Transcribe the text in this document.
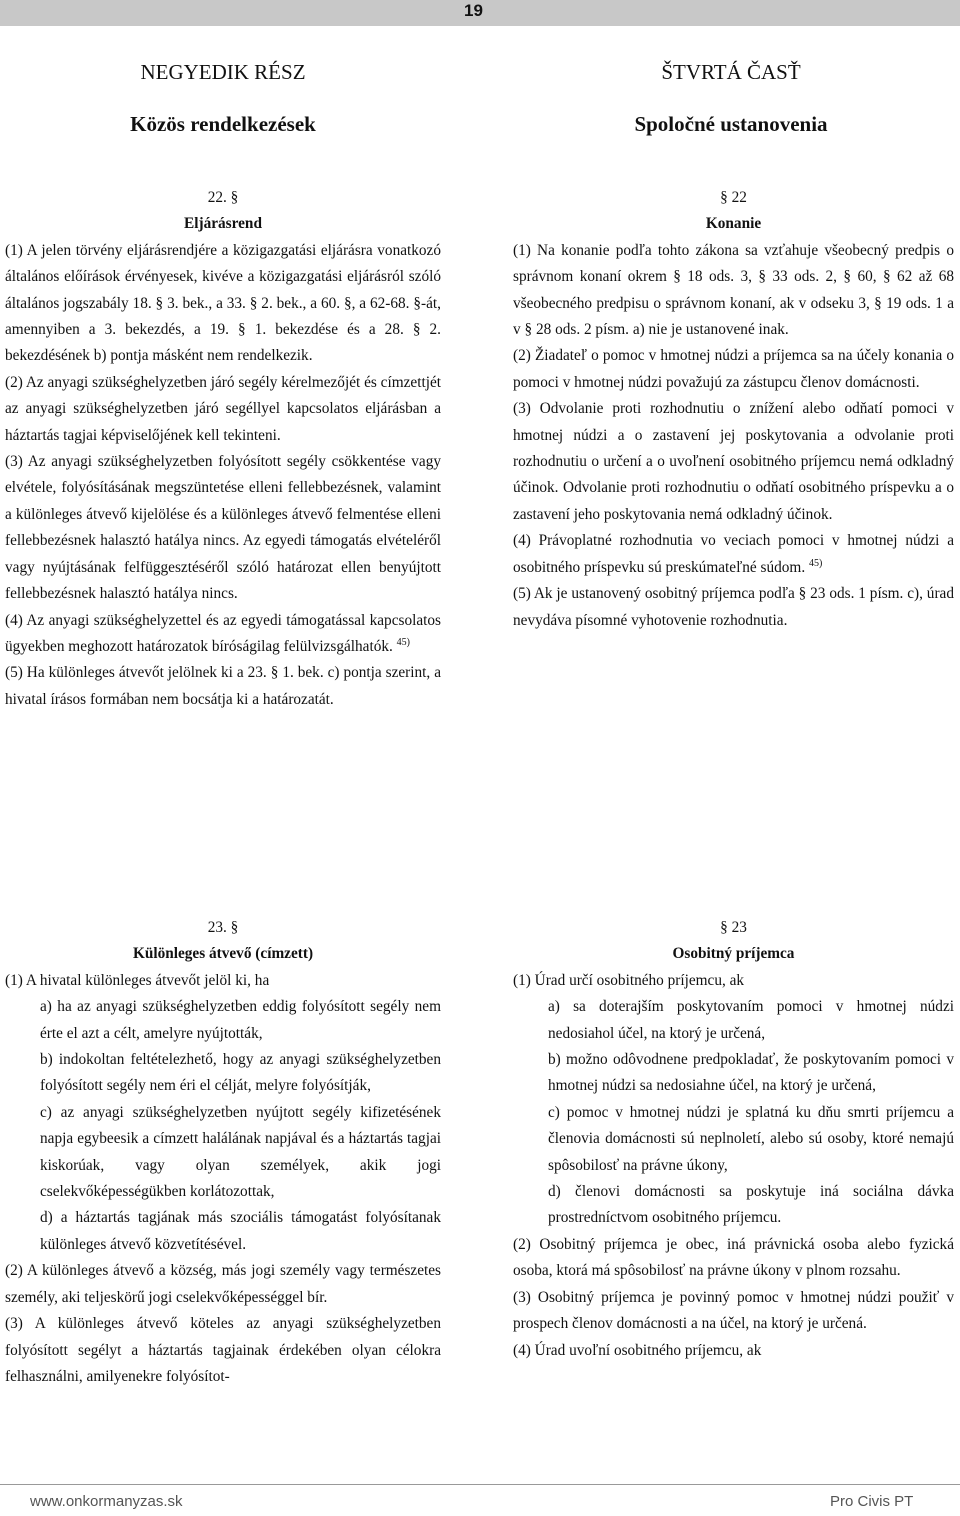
19
NEGYEDIK RÉSZ
Közös rendelkezések
ŠTVRTÁ ČASŤ
Spoločné ustanovenia
22. §
Eljárásrend

(1) A jelen törvény eljárásrendjére a közigazgatási eljárásra vonatkozó általános előírások érvényesek, kivéve a közigazgatási eljárásról szóló általános jogszabály 18. § 3. bek., a 33. § 2. bek., a 60. §, a 62-68. §-át, amennyiben a 3. bekezdés, a 19. § 1. bekezdése és a 28. § 2. bekezdésének b) pontja másként nem rendelkezik.

(2) Az anyagi szükséghelyzetben járó segély kérelmezőjét és címzettjét az anyagi szükséghelyzetben járó segéllyel kapcsolatos eljárásban a háztartás tagjai képviselőjének kell tekinteni.

(3) Az anyagi szükséghelyzetben folyósított segély csökkentése vagy elvétele, folyósításának megszüntetése elleni fellebbezésnek, valamint a különleges átvevő kijelölése és a különleges átvevő felmentése elleni fellebbezésnek halasztó hatálya nincs. Az egyedi támogatás elvételéről vagy nyújtásának felfüggesztéséről szóló határozat ellen benyújtott fellebbezésnek halasztó hatálya nincs.

(4) Az anyagi szükséghelyzettel és az egyedi támogatással kapcsolatos ügyekben meghozott határozatok bíróságilag felülvizsgálhatók. $^{45)}$

(5) Ha különleges átvevőt jelölnek ki a 23. § 1. bek. c) pontja szerint, a hivatal írásos formában nem bocsátja ki a határozatát.

§ 22
Konanie

(1) Na konanie podľa tohto zákona sa vzťahuje všeobecný predpis o správnom konaní okrem § 18 ods. 3, § 33 ods. 2, § 60, § 62 až 68 všeobecného predpisu o správnom konaní, ak v odseku 3, § 19 ods. 1 a v § 28 ods. 2 písm. a) nie je ustanovené inak.

(2) Žiadateľ o pomoc v hmotnej núdzi a príjemca sa na účely konania o pomoci v hmotnej núdzi považujú za zástupcu členov domácnosti.

(3) Odvolanie proti rozhodnutiu o znížení alebo odňatí pomoci v hmotnej núdzi a o zastavení jej poskytovania a odvolanie proti rozhodnutiu o určení a o uvoľnení osobitného príjemcu nemá odkladný účinok. Odvolanie proti rozhodnutiu o odňatí osobitného príspevku a o zastavení jeho poskytovania nemá odkladný účinok.

(4) Právoplatné rozhodnutia vo veciach pomoci v hmotnej núdzi a osobitného príspevku sú preskúmateľné súdom. $^{45)}$

(5) Ak je ustanovený osobitný príjemca podľa § 23 ods. 1 písm. c), úrad nevydáva písomné vyhotovenie rozhodnutia.

23. §
Különleges átvevő (címzett)

(1) A hivatal különleges átvevőt jelöl ki, ha

a) ha az anyagi szükséghelyzetben eddig folyósított segély nem érte el azt a célt, amelyre nyújtották,

b) indokoltan feltételezhető, hogy az anyagi szükséghelyzetben folyósított segély nem éri el célját, melyre folyósítják,

c) az anyagi szükséghelyzetben nyújtott segély kifizetésének napja egybeesik a címzett halálának napjával és a háztartás tagjai kiskorúak, vagy olyan személyek, akik jogi cselekvőképességükben korlátozottak,

d) a háztartás tagjának más szociális támogatást folyósítanak különleges átvevő közvetítésével.

(2) A különleges átvevő a község, más jogi személy vagy természetes személy, aki teljeskörű jogi cselekvőképességgel bír.

(3) A különleges átvevő köteles az anyagi szükséghelyzetben folyósított segélyt a háztartás tagjainak érdekében olyan célokra felhasználni, amilyenekre folyósítot-

§ 23
Osobitný príjemca

(1) Úrad určí osobitného príjemcu, ak

a) sa doterajším poskytovaním pomoci v hmotnej núdzi nedosiahol účel, na ktorý je určená,

b) možno odôvodnene predpokladať, že poskytovaním pomoci v hmotnej núdzi sa nedosiahne účel, na ktorý je určená,

c) pomoc v hmotnej núdzi je splatná ku dňu smrti príjemcu a členovia domácnosti sú neplnoletí, alebo sú osoby, ktoré nemajú spôsobilosť na právne úkony,

d) členovi domácnosti sa poskytuje iná sociálna dávka prostredníctvom osobitného príjemcu.

(2) Osobitný príjemca je obec, iná právnická osoba alebo fyzická osoba, ktorá má spôsobilosť na právne úkony v plnom rozsahu.

(3) Osobitný príjemca je povinný pomoc v hmotnej núdzi použiť v prospech členov domácnosti a na účel, na ktorý je určená.

(4) Úrad uvoľní osobitného príjemcu, ak

www.onkormanyzas.sk	Pro Civis PT
